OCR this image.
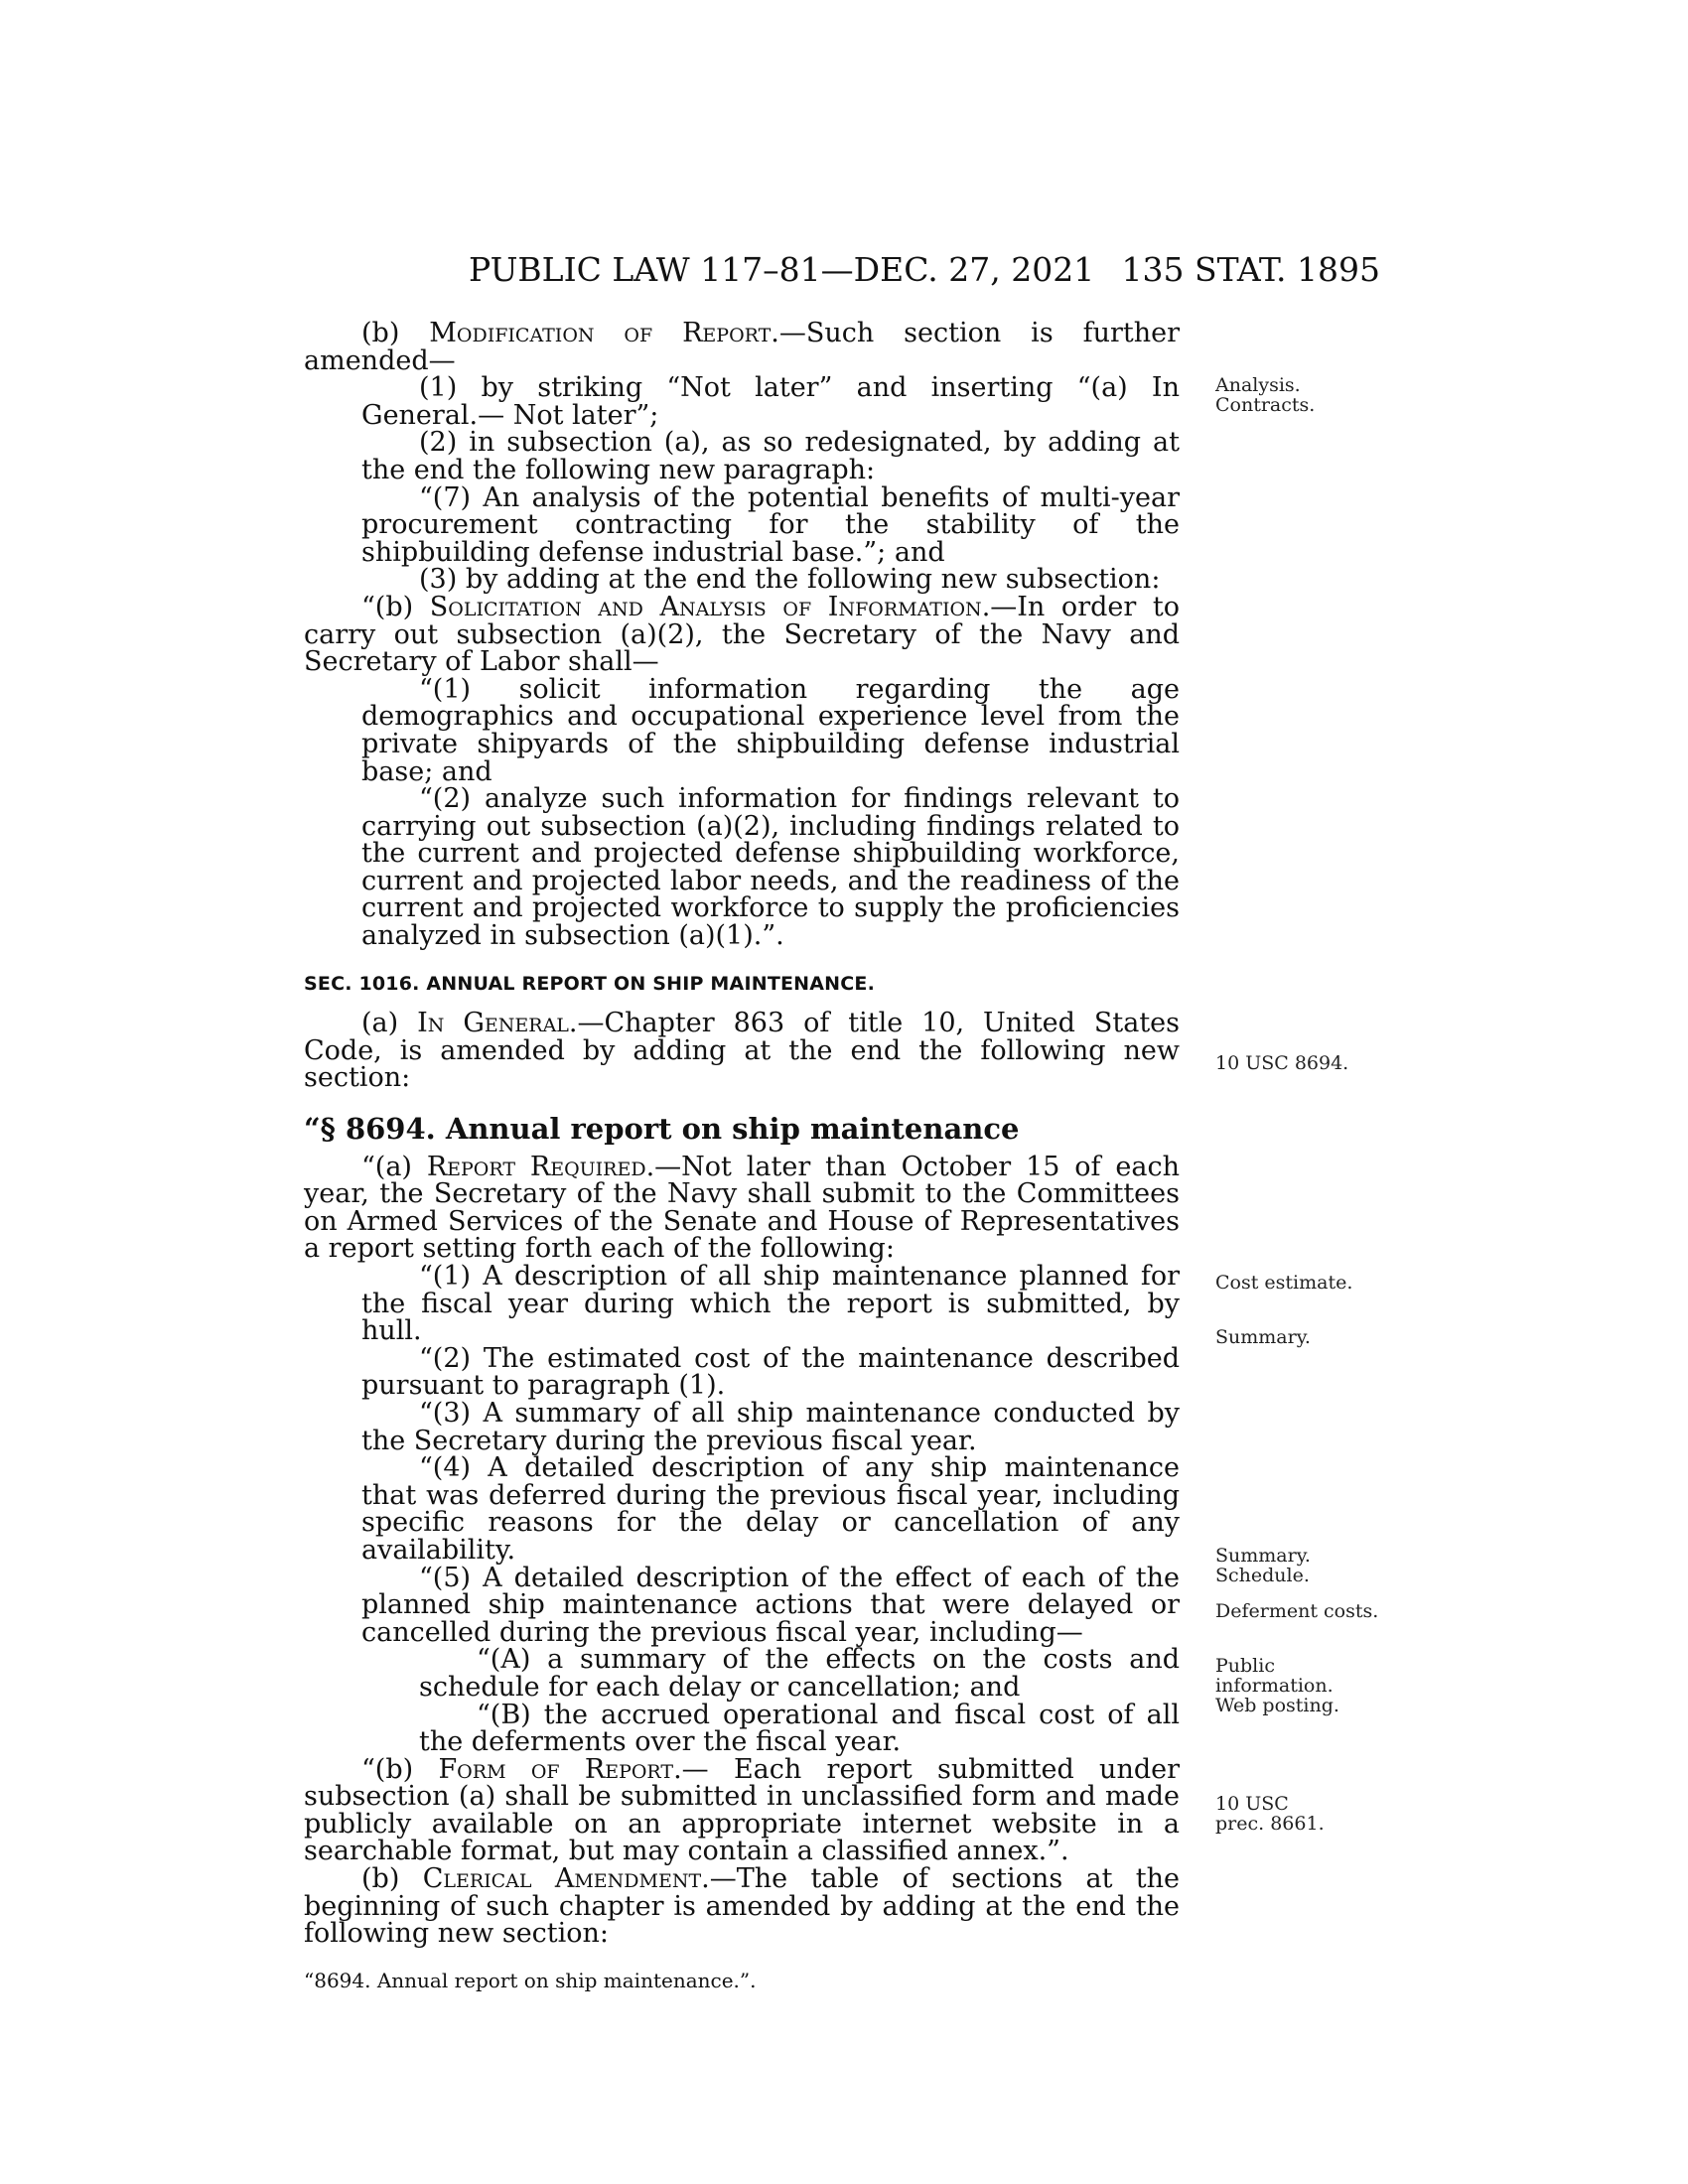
PUBLIC LAW 117–81—DEC. 27, 2021 135 STAT. 1895

(b) Modification of Report.—Such section is further amended—

(1) by striking “Not later” and inserting “(a) In General.— Not later”;

(2) in subsection (a), as so redesignated, by adding at the end the following new paragraph:

“(7) An analysis of the potential benefits of multi-year procurement contracting for the stability of the shipbuilding defense industrial base.”; and

(3) by adding at the end the following new subsection:

“(b) Solicitation and Analysis of Information.—In order to carry out subsection (a)(2), the Secretary of the Navy and Secretary of Labor shall—

“(1) solicit information regarding the age demographics and occupational experience level from the private shipyards of the shipbuilding defense industrial base; and

“(2) analyze such information for findings relevant to carrying out subsection (a)(2), including findings related to the current and projected defense shipbuilding workforce, current and projected labor needs, and the readiness of the current and projected workforce to supply the proficiencies analyzed in subsection (a)(1).”.

SEC. 1016. ANNUAL REPORT ON SHIP MAINTENANCE.

(a) In General.—Chapter 863 of title 10, United States Code, is amended by adding at the end the following new section:

“§ 8694. Annual report on ship maintenance

“(a) Report Required.—Not later than October 15 of each year, the Secretary of the Navy shall submit to the Committees on Armed Services of the Senate and House of Representatives a report setting forth each of the following:

“(1) A description of all ship maintenance planned for the fiscal year during which the report is submitted, by hull.

“(2) The estimated cost of the maintenance described pursuant to paragraph (1).

“(3) A summary of all ship maintenance conducted by the Secretary during the previous fiscal year.

“(4) A detailed description of any ship maintenance that was deferred during the previous fiscal year, including specific reasons for the delay or cancellation of any availability.

“(5) A detailed description of the effect of each of the planned ship maintenance actions that were delayed or cancelled during the previous fiscal year, including—

“(A) a summary of the effects on the costs and schedule for each delay or cancellation; and

“(B) the accrued operational and fiscal cost of all the deferments over the fiscal year.

“(b) Form of Report.— Each report submitted under subsection (a) shall be submitted in unclassified form and made publicly available on an appropriate internet website in a searchable format, but may contain a classified annex.”.

(b) Clerical Amendment.—The table of sections at the beginning of such chapter is amended by adding at the end the following new section:

“8694. Annual report on ship maintenance.”.
Analysis.
Contracts.
10 USC 8694.
Cost estimate.
Summary.
Summary.
Schedule.
Deferment costs.
Public
information.
Web posting.
10 USC
prec. 8661.
